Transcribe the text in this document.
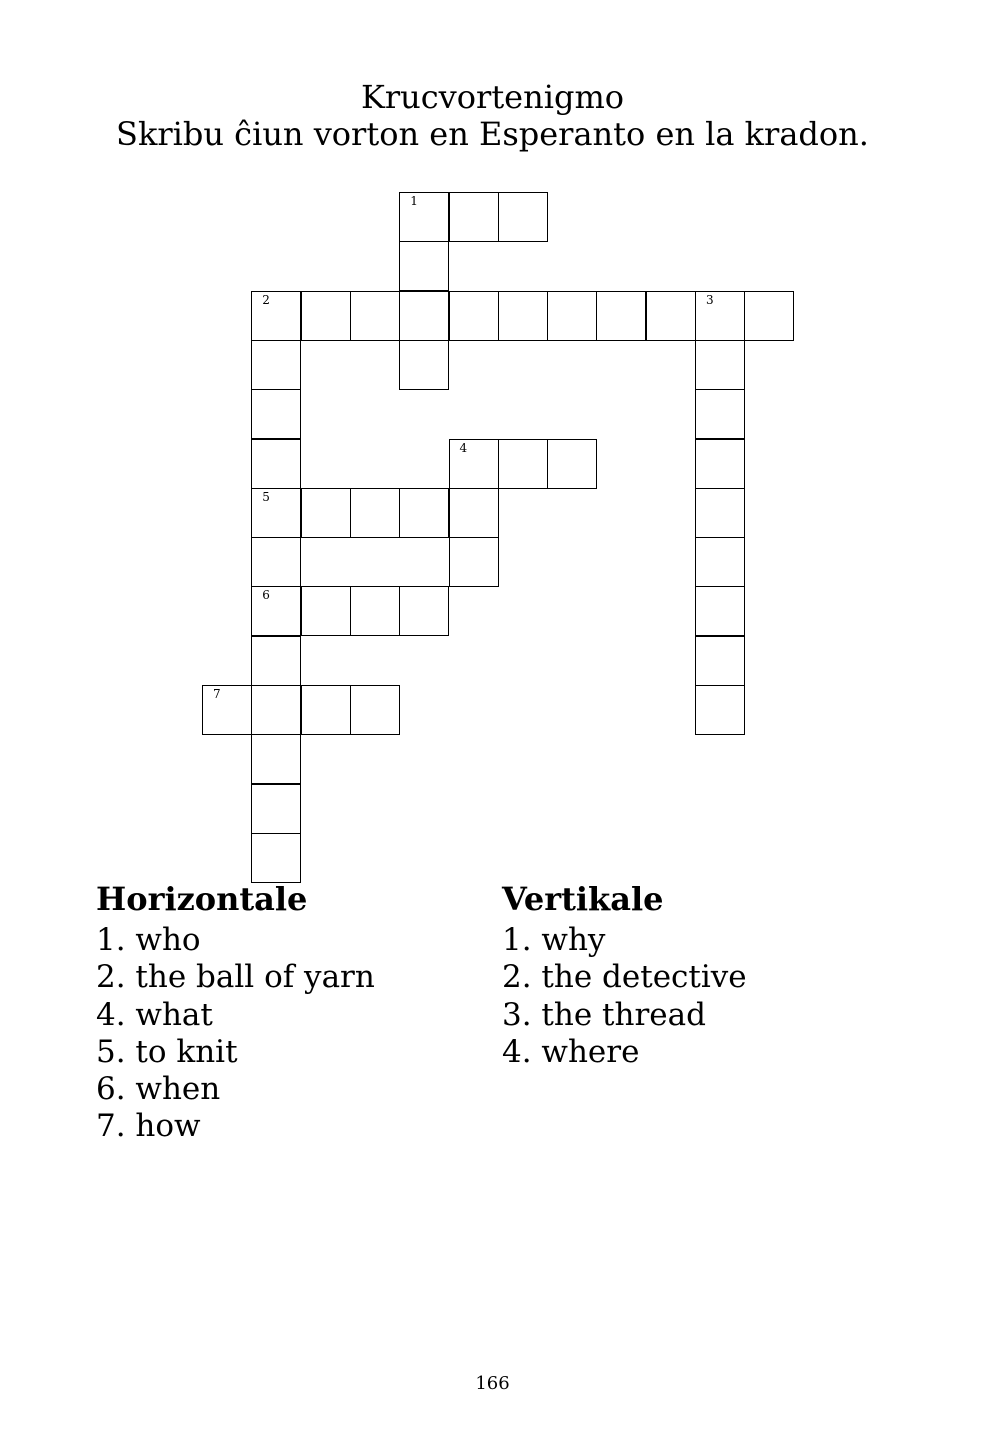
Krucvortenigmo
Skribu ĉiun vorton en Esperanto en la kradon.
1
2	3
5
6
4
7
Horizontale
1. who
2. the ball of yarn
4. what
5. to knit
6. when
7. how
Vertikale
1. why
2. the detective
3. the thread
4. where
166
